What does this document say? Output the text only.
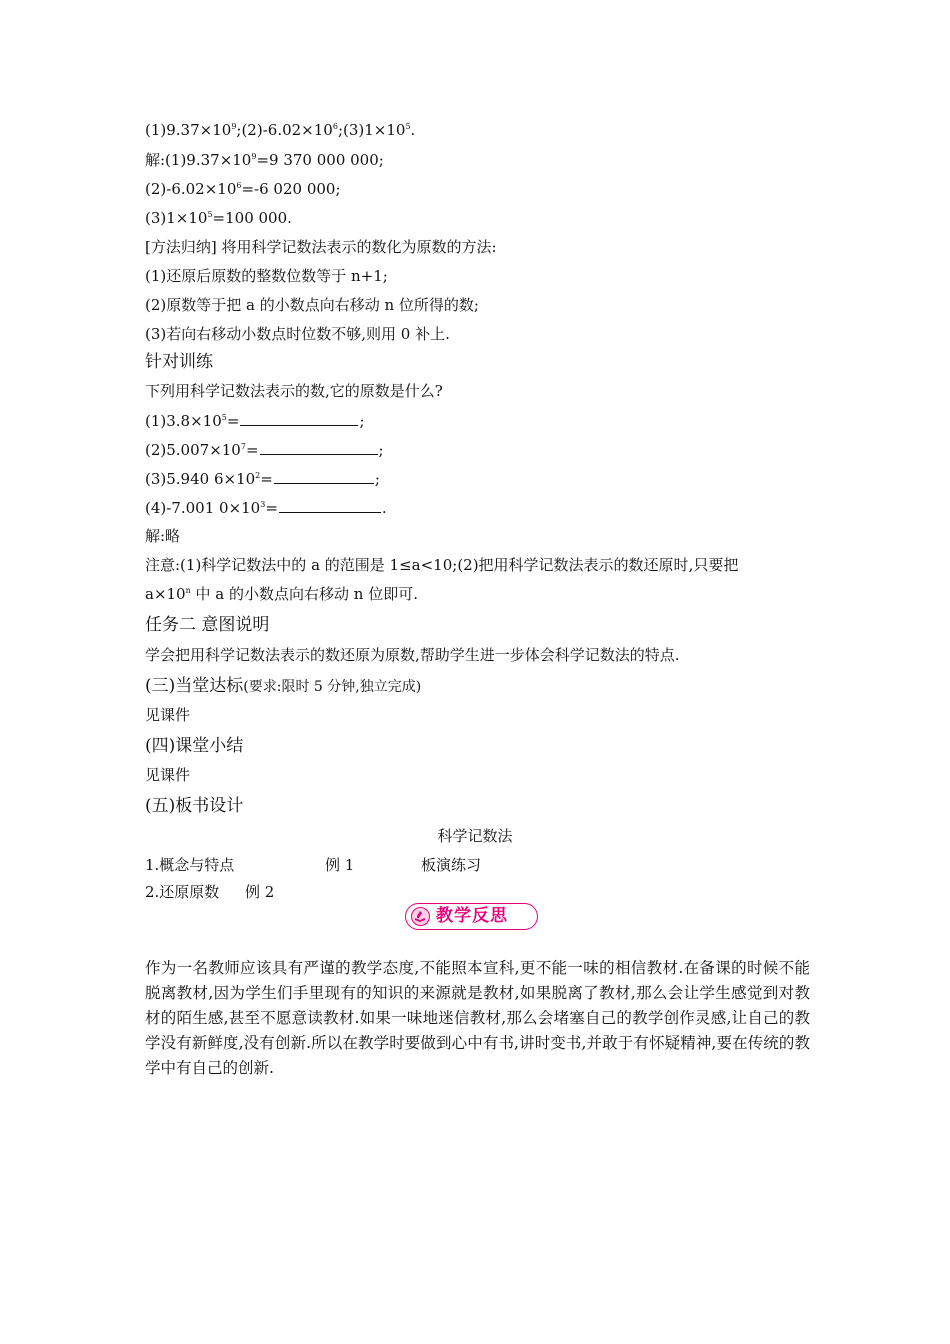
$(1)9.37\times 10^9;(2)-6.02\times 10^6;(3)1\times 10^5$.
解$:(1)9.37\times 10^9=9$ 370 000 000;
$(2)-6.02\times 10^6=-6$ 020 000;
$(3)1\times 10^5=100$ 000.
[方法归纳] 将用科学记数法表示的数化为原数的方法:
(1)还原后原数的整数位数等于 n+1;
(2)原数等于把 a 的小数点向右移动 n 位所得的数;
(3)若向右移动小数点时位数不够,则用 0 补上.
针对训练
下列用科学记数法表示的数,它的原数是什么?
$(1)3.8\times 10^5=$	;
$(2)5.007\times 10^7=$	;
(3)5.940 $6\times 10^2=$	;
(4)-7.001 $0\times 10^3=$	.
解:略
注意:(1)科学记数法中的 a 的范围是 1≤a<10;(2)把用科学记数法表示的数还原时,只要把
$a\times 10^n$ 中 a 的小数点向右移动 n 位即可.
任务二 意图说明
学会把用科学记数法表示的数还原为原数,帮助学生进一步体会科学记数法的特点.
(三)当堂达标(要求:限时 5 分钟,独立完成)
见课件
(四)课堂小结
见课件
(五)板书设计
科学记数法
1.概念与特点	例 1	板演练习
2.还原原数 例 2
教学反思
作为一名教师应该具有严谨的教学态度,不能照本宣科,更不能一味的相信教材.在备课的时候不能脱离教材,因为学生们手里现有的知识的来源就是教材,如果脱离了教材,那么会让学生感觉到对教材的陌生感,甚至不愿意读教材.如果一味地迷信教材,那么会堵塞自己的教学创作灵感,让自己的教学没有新鲜度,没有创新.所以在教学时要做到心中有书,讲时变书,并敢于有怀疑精神,要在传统的教学中有自己的创新.
